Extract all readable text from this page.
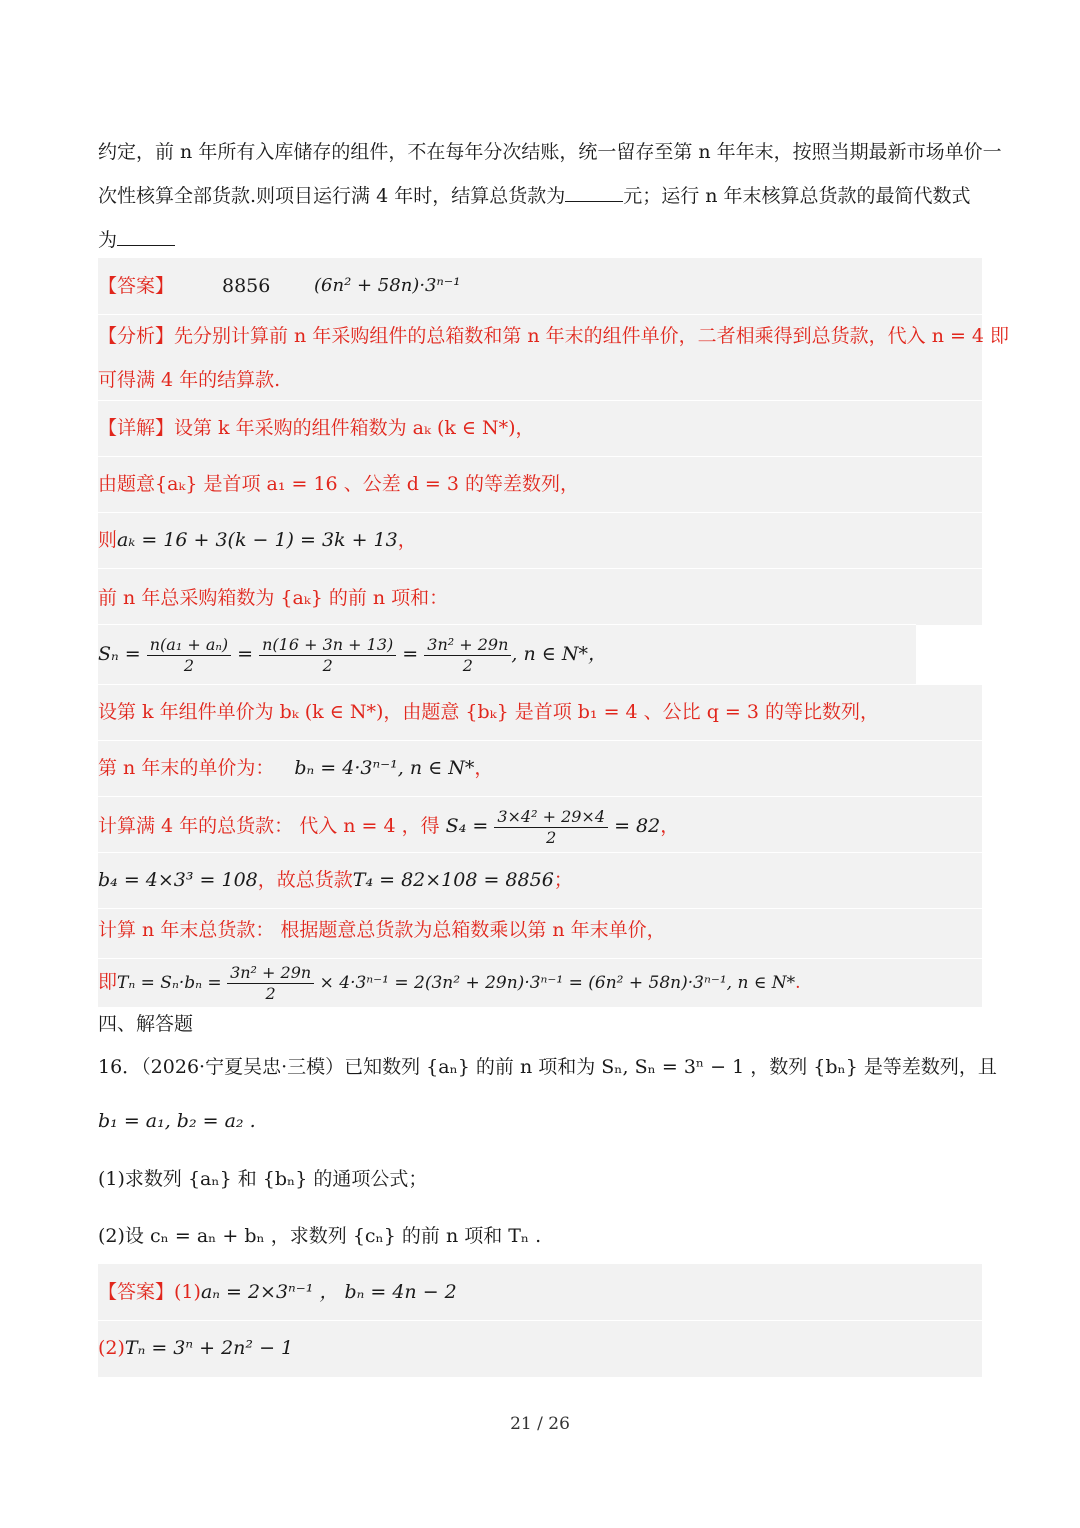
约定，前 n 年所有入库储存的组件，不在每年分次结账，统一留存至第 n 年年末，按照当期最新市场单价一
次性核算全部货款.则项目运行满 4 年时，结算总货款为	元；运行 n 年末核算总货款的最简代数式
为
【答案】	8856 (6n² + 58n)·3ⁿ⁻¹
【分析】先分别计算前 n 年采购组件的总箱数和第 n 年末的组件单价，二者相乘得到总货款，代入 n = 4 即
可得满 4 年的结算款.
【详解】设第 k 年采购的组件箱数为 aₖ (k ∈ N*)，
由题意{aₖ} 是首项 a₁ = 16 、公差 d = 3 的等差数列，
则aₖ = 16 + 3(k − 1) = 3k + 13，
前 n 年总采购箱数为 {aₖ} 的前 n 项和：
$S_n = \frac{\text{n(a₁ + aₙ)}}{2} = \frac{n(16 + 3n + 13)}{2} = \frac{\text{3n² + 29n}}{2}$ , n ∈ N*，
设第 k 年组件单价为 bₖ (k ∈ N*)，由题意 {bₖ} 是首项 b₁ = 4 、公比 q = 3 的等比数列，
第 n 年末的单价为： bₙ = 4·3ⁿ⁻¹, n ∈ N*，
计算满 4 年的总货款： 代入 n = 4 ，得 $S_4 = \frac{\text{3×4² + 29×4}}{2} = 82$，
b₄ = 4×3³ = 108，故总货款T₄ = 82×108 = 8856；
计算 n 年末总货款： 根据题意总货款为总箱数乘以第 n 年末单价，
即$T_n = S_n\cdot b_n = \frac{\text{3n² + 29n}}{2} \times 4\cdot 3^{n-1} = 2(3n^2 + 29n)\cdot 3^{n-1} = (6n^2 + 58n)\cdot 3^{n-1}$, n ∈ N*.
四、解答题
16．（2026·宁夏吴忠·三模）已知数列 {aₙ} 的前 n 项和为 Sₙ, Sₙ = 3ⁿ − 1 ，数列 {bₙ} 是等差数列，且
b₁ = a₁, b₂ = a₂ .
(1)求数列 {aₙ} 和 {bₙ} 的通项公式；
(2)设 cₙ = aₙ + bₙ ，求数列 {cₙ} 的前 n 项和 Tₙ .
【答案】(1)aₙ = 2×3ⁿ⁻¹ ， bₙ = 4n − 2
(2)Tₙ = 3ⁿ + 2n² − 1
21 / 26
